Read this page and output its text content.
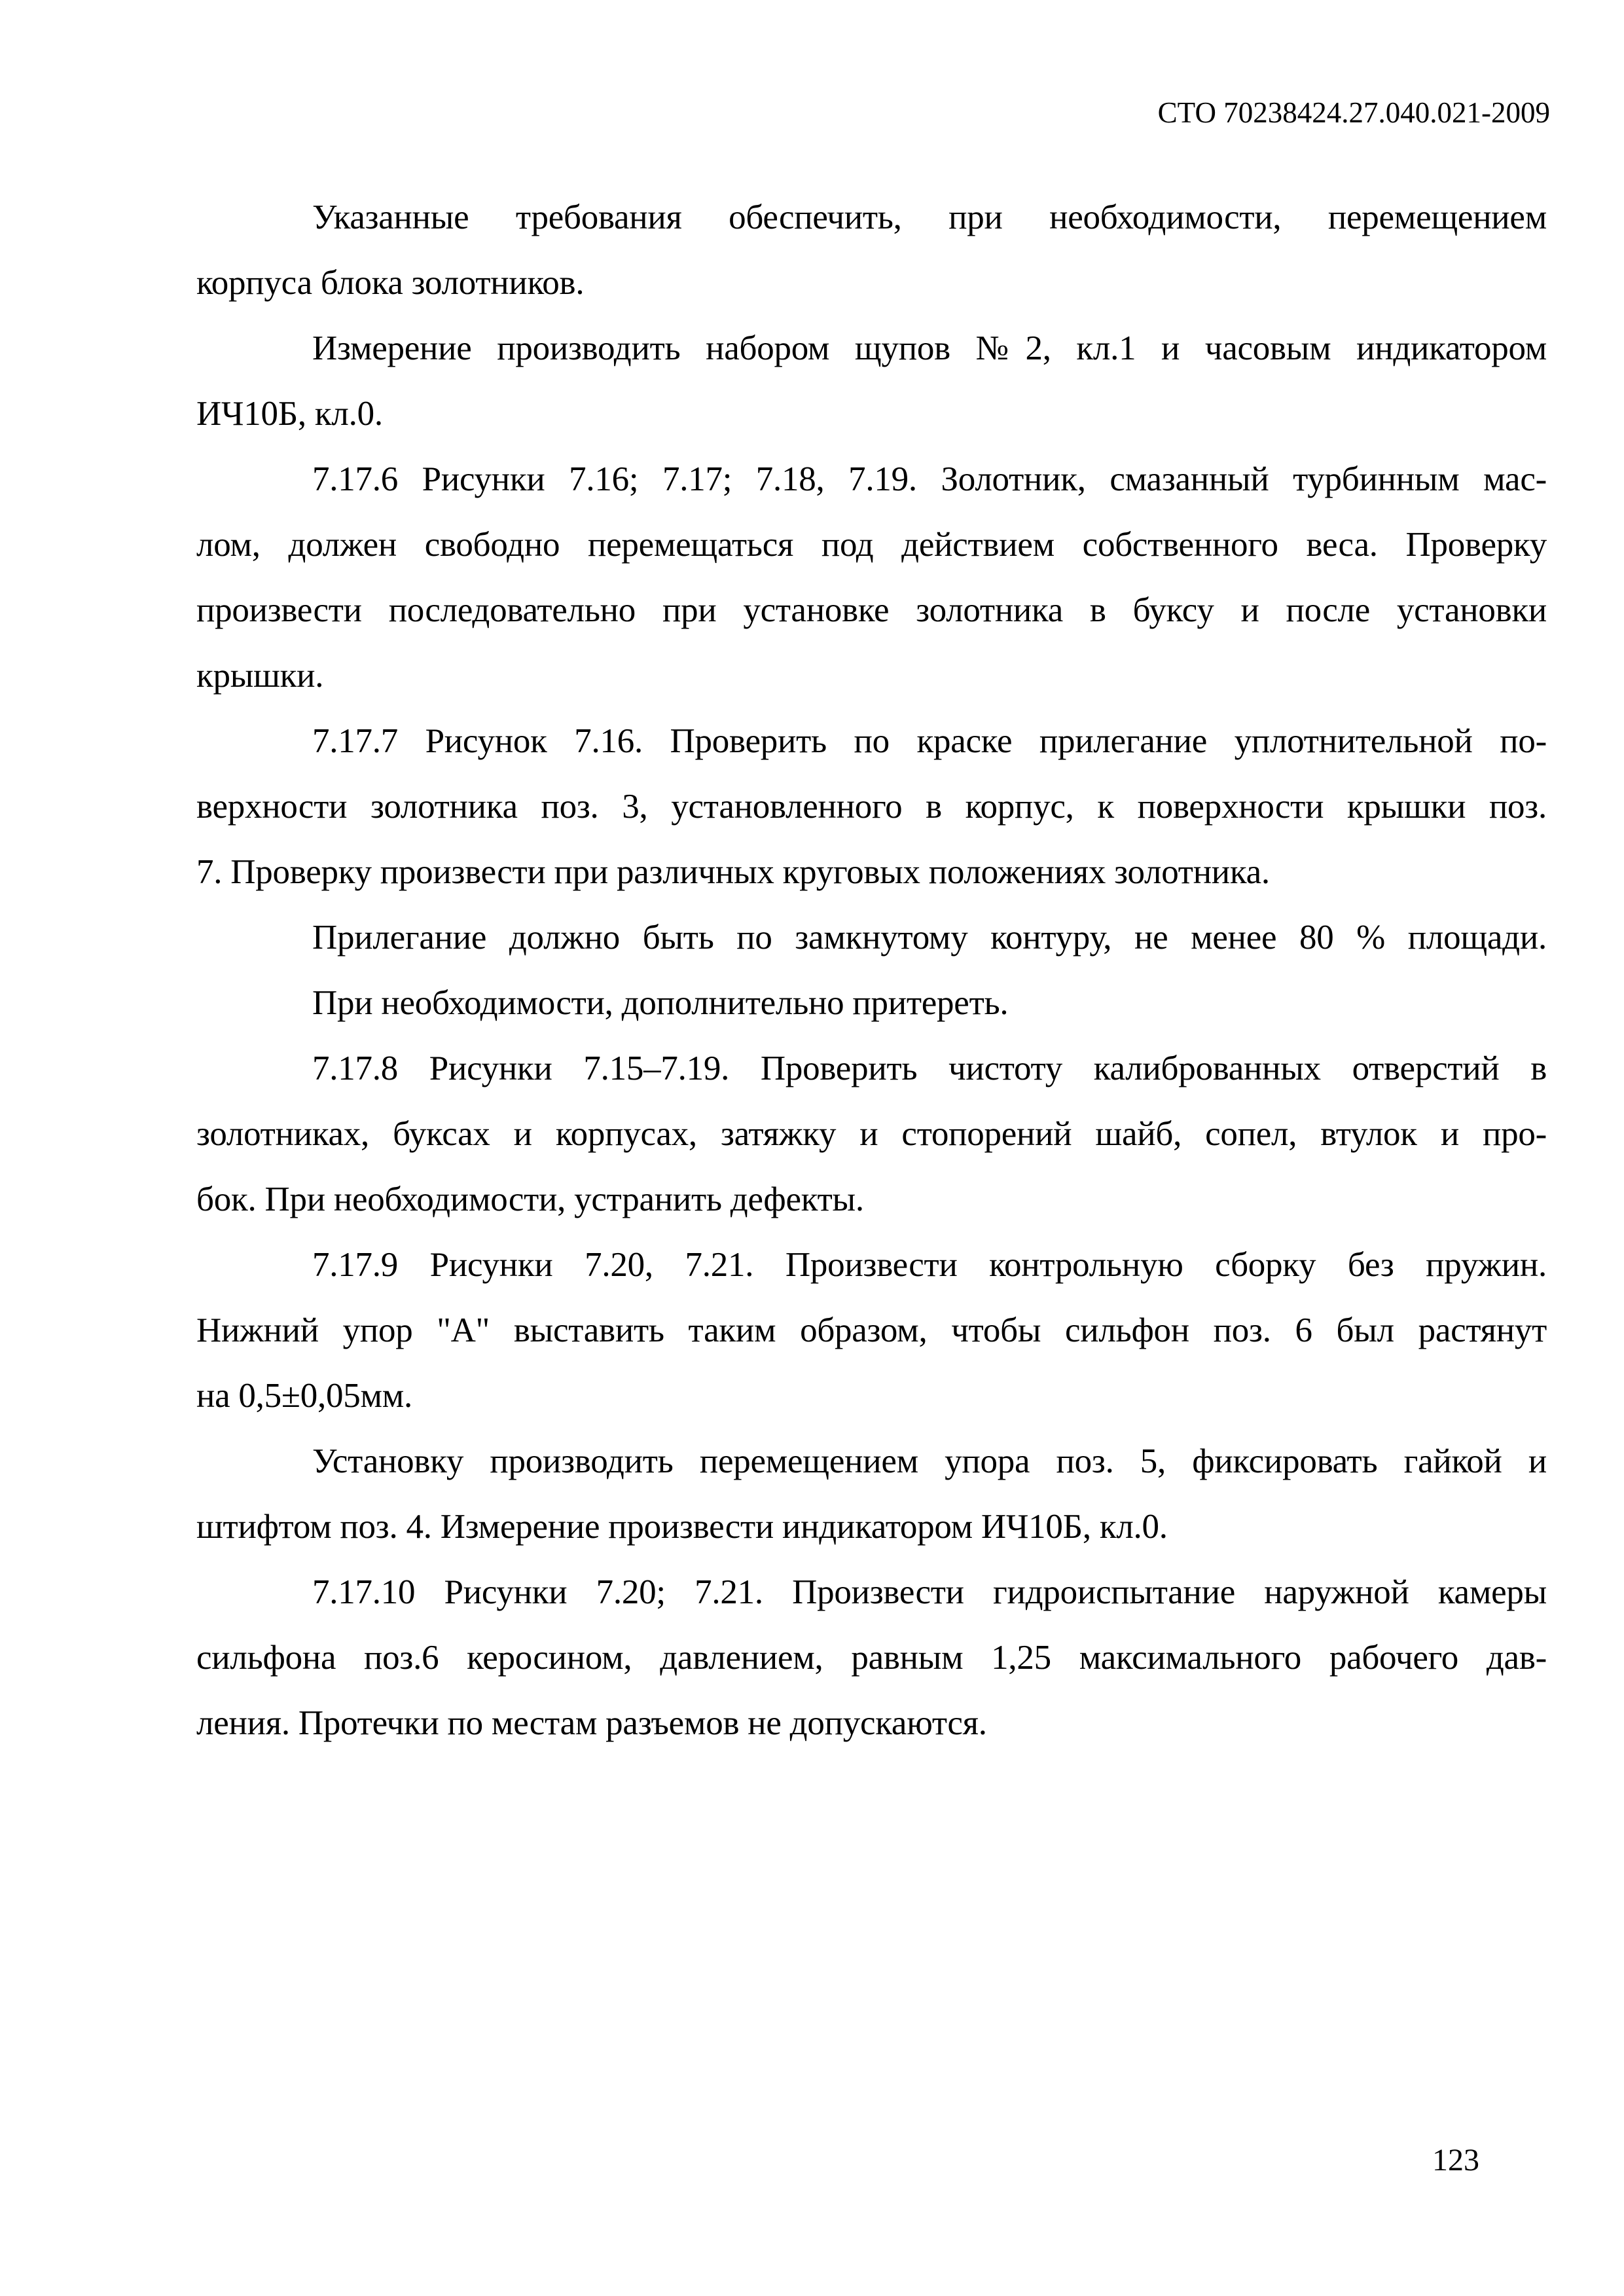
СТО 70238424.27.040.021-2009
Указанные требования обеспечить, при необходимости, перемещением
корпуса блока золотников.
Измерение производить набором щупов №2, кл.1 и часовым индикатором
ИЧ10Б, кл.0.
7.17.6 Рисунки 7.16; 7.17; 7.18, 7.19. Золотник, смазанный турбинным мас-
лом, должен свободно перемещаться под действием собственного веса. Проверку
произвести последовательно при установке золотника в буксу и после установки
крышки.
7.17.7 Рисунок 7.16. Проверить по краске прилегание уплотнительной по-
верхности золотника поз. 3, установленного в корпус, к поверхности крышки поз.
7. Проверку произвести при различных круговых положениях золотника.
Прилегание должно быть по замкнутому контуру, не менее 80 % площади.
При необходимости, дополнительно притереть.
7.17.8 Рисунки 7.15–7.19. Проверить чистоту калиброванных отверстий в
золотниках, буксах и корпусах, затяжку и стопорений шайб, сопел, втулок и про-
бок. При необходимости, устранить дефекты.
7.17.9 Рисунки 7.20, 7.21. Произвести контрольную сборку без пружин.
Нижний упор "А" выставить таким образом, чтобы сильфон поз. 6 был растянут
на 0,5±0,05мм.
Установку производить перемещением упора поз. 5, фиксировать гайкой и
штифтом поз. 4. Измерение произвести индикатором ИЧ10Б, кл.0.
7.17.10 Рисунки 7.20; 7.21. Произвести гидроиспытание наружной камеры
сильфона поз.6 керосином, давлением, равным 1,25 максимального рабочего дав-
ления. Протечки по местам разъемов не допускаются.
123
